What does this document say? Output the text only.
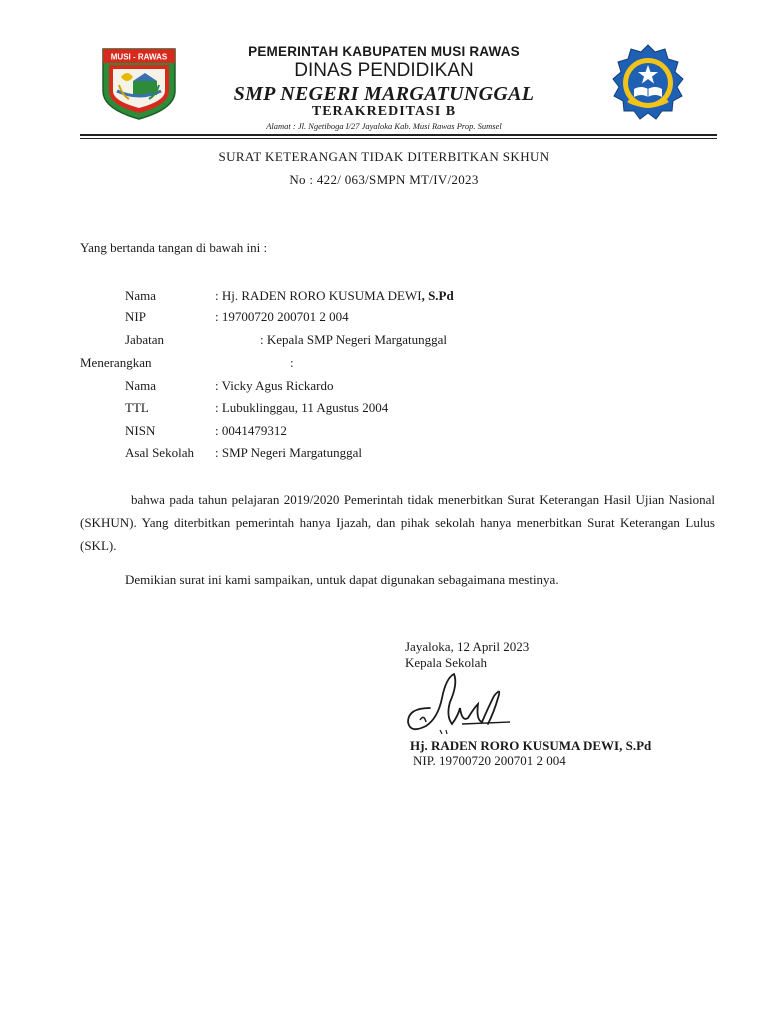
MUSI - RAWAS	PEMERINTAH KABUPATEN MUSI RAWAS
DINAS PENDIDIKAN
SMP NEGERI MARGATUNGGAL
TERAKREDITASI B
Alamat : Jl. Ngetiboga I/27 Jayaloka Kab. Musi Rawas Prop. Sumsel
SURAT KETERANGAN TIDAK DITERBITKAN SKHUN
No : 422/ 063/SMPN MT/IV/2023
Yang bertanda tangan di bawah ini :
Nama	: Hj. RADEN RORO KUSUMA DEWI, S.Pd
NIP	: 19700720 200701 2 004
Jabatan	: Kepala SMP Negeri Margatunggal
Menerangkan	:
Nama	: Vicky Agus Rickardo
TTL	: Lubuklinggau, 11 Agustus 2004
NISN	: 0041479312
Asal Sekolah : SMP Negeri Margatunggal
bahwa pada tahun pelajaran 2019/2020 Pemerintah tidak menerbitkan Surat Keterangan Hasil Ujian Nasional (SKHUN). Yang diterbitkan pemerintah hanya Ijazah, dan pihak sekolah hanya menerbitkan Surat Keterangan Lulus (SKL).
Demikian surat ini kami sampaikan, untuk dapat digunakan sebagaimana mestinya.
Jayaloka, 12 April 2023
Kepala Sekolah
Hj. RADEN RORO KUSUMA DEWI, S.Pd
NIP. 19700720 200701 2 004
